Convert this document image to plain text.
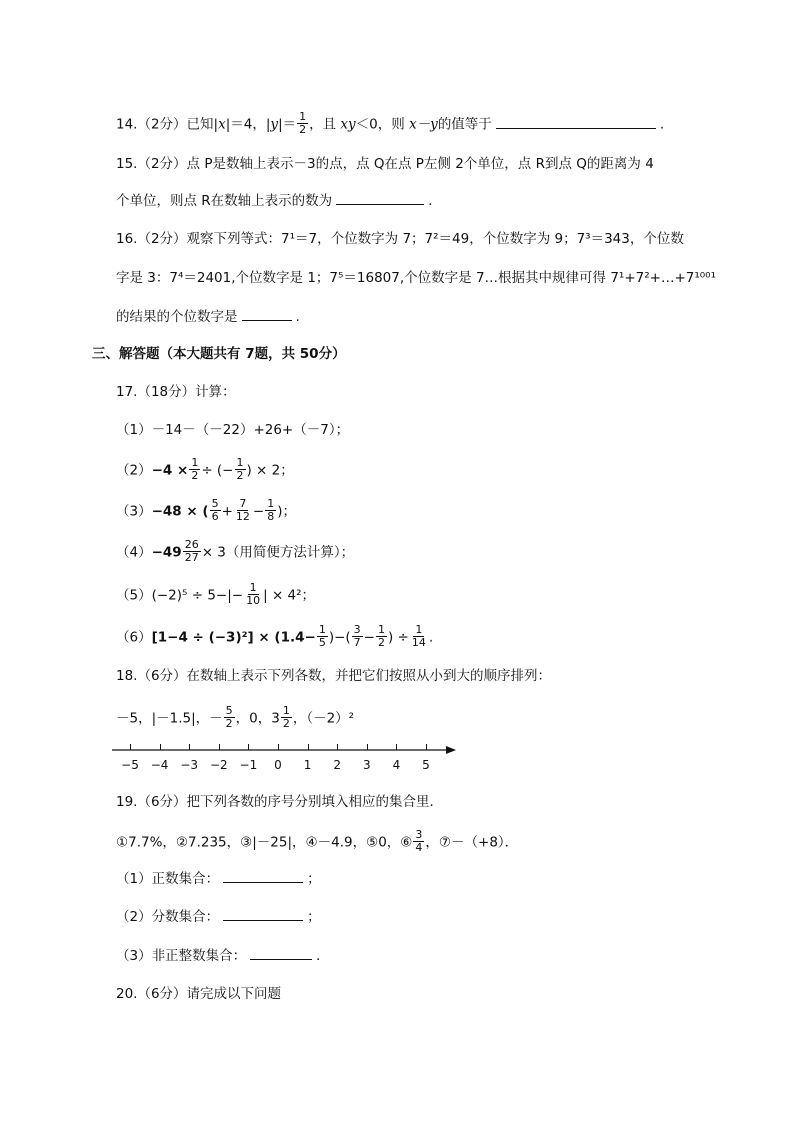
14.（2分）已知|x|＝4，$|y|= \frac{1}{2}$ ，且 xy＜0，则 x－y的值等于	.
15.（2分）点 P是数轴上表示－3的点，点 Q在点 P左侧 2个单位，点 R到点 Q的距离为 4
个单位，则点 R在数轴上表示的数为	.
16.（2分）观察下列等式：7¹＝7，个位数字为 7；7²＝49，个位数字为 9；7³＝343，个位数
字是 3：7⁴＝2401,个位数字是 1；7⁵＝16807,个位数字是 7…根据其中规律可得 7¹+7²+…+7¹⁰⁰¹
的结果的个位数字是	.
三、解答题（本大题共有 7题，共 50分）
17.（18分）计算：
（1）－14－（－22）+26+（－7）；
$(2)-4 \times \frac{1}{2}$ ÷ (− $\frac{1}{2}$ ) × 2；
（3）−48 × ( $\frac{5}{6} + \frac{7}{12} - \frac{1}{8}$ )；
$(4)-49 \frac{26}{27} \times 3$（用简便方法计算）；
$(5)(-2)^5 \div 5-|- \frac{1}{10}$ | × 4²；
$(6)[1-4 \div (-3)^2] \times (1.4- \frac{1}{5}$ )−( $\frac{3}{7} - \frac{1}{2}$ ) ÷ $\frac{1}{14}$ .
18.（6分）在数轴上表示下列各数，并把它们按照从小到大的顺序排列：
－5，|－1.5|，－ $\frac{5}{2}$ ，0，$3 \frac{1}{2}$ ，（－2）²
−5 −4 −3 −2 −1	0	1	2	3	4	5
19.（6分）把下列各数的序号分别填入相应的集合里．
①7.7%，②7.235，③|－25|，④－4.9，⑤0，⑥ $\frac{3}{4}$ ，⑦－（+8）．
（1）正数集合：	；
（2）分数集合：	；
（3）非正整数集合：	．
20.（6分）请完成以下问题
